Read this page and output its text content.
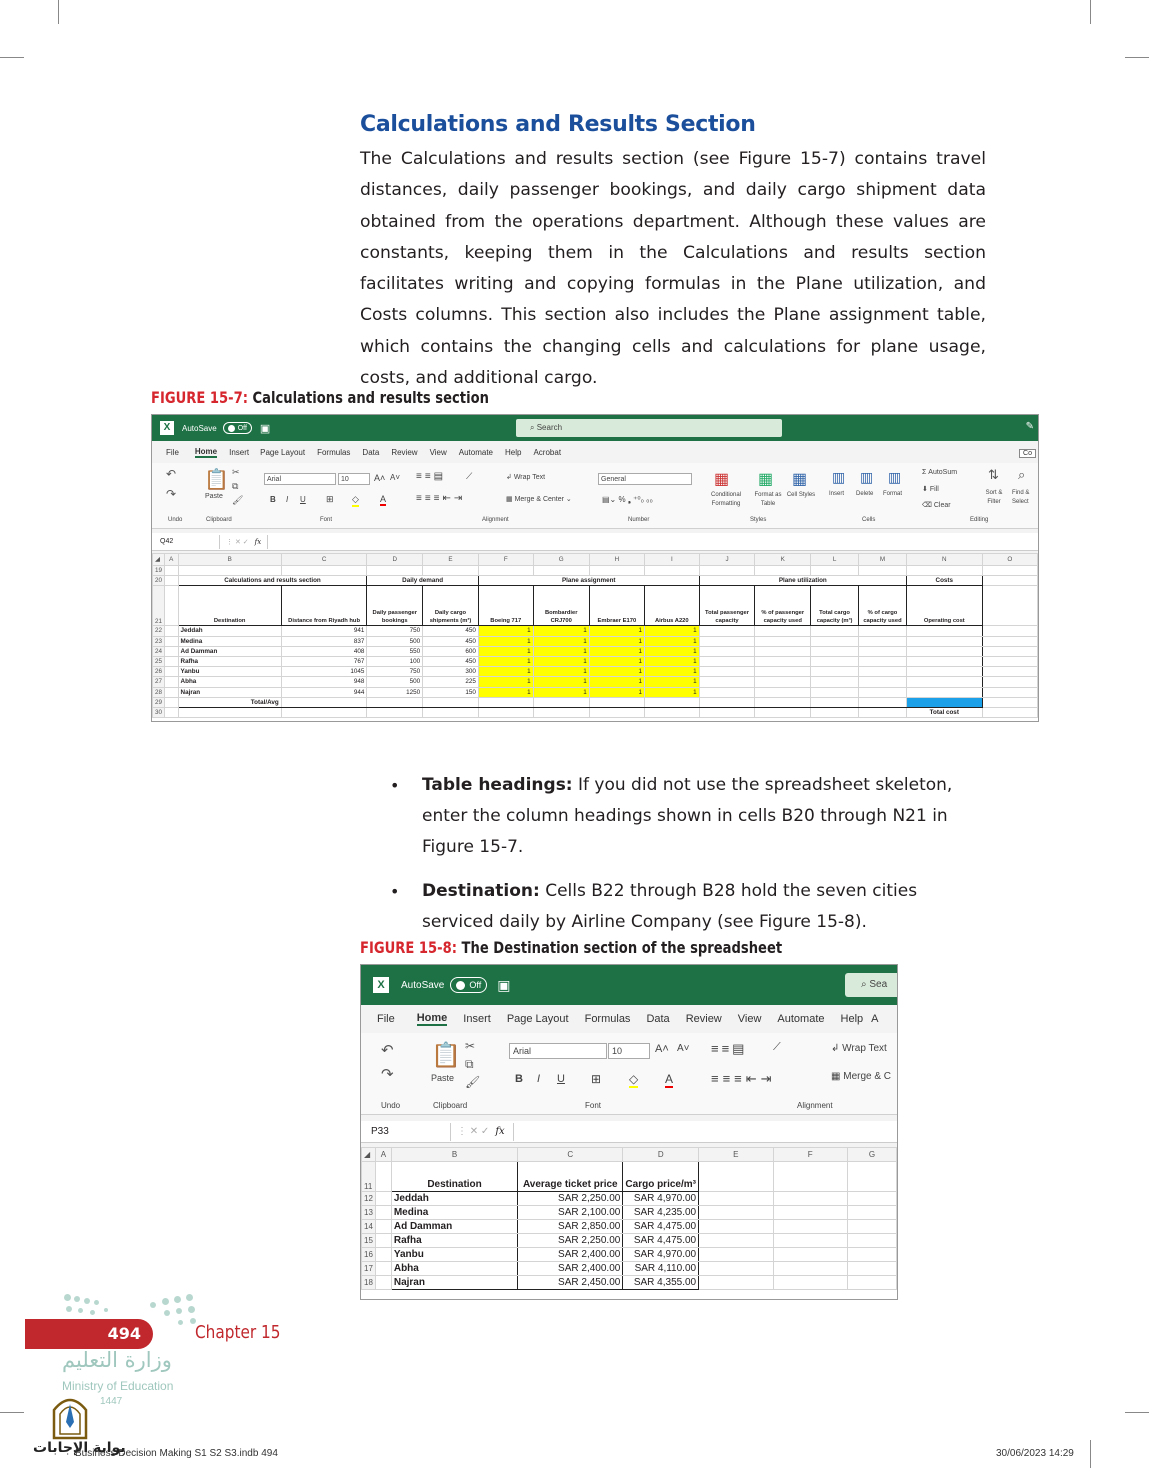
Calculations and Results Section

The Calculations and results section (see Figure 15-7) contains travel distances, daily passenger bookings, and daily cargo shipment data obtained from the operations department. Although these values are constants, keeping them in the Calculations and results section facilitates writing and copying formulas in the Plane utilization, and Costs columns. This section also includes the Plane assignment table, which contains the changing cells and calculations for plane usage, costs, and additional cargo.

FIGURE 15-7: Calculations and results section
X	AutoSave	Off ▣	⌕ Search	✎
File Home Insert Page Layout Formulas Data Review View Automate Help Acrobat	Co
↶
↷
📋
Paste
✂
⧉
🖌
Arial	10	A˄ A˅
B I U ⊞ ◇ A
≡≡▤ ⟋
≡≡≡⇤⇥
↲ Wrap Text
▦ Merge & Center ⌄
General
▤⌄ % ❟ ⁺⁰₀ ₀₀
▦
Conditional Formatting
▦
Format as Table
▦
Cell Styles
▥
Insert
▥
Delete
▥
Format
Σ AutoSum
⬇ Fill
⌫ Clear
⇅
Sort & Filter
⌕
Find & Select
Undo	Clipboard	Font	Alignment	Number	Styles	Cells	Editing
Q42	⋮ ✕ ✓ fx
◢	A	B	C	D	E	F	G	H	I	J	K	L	M	N	O
19															
20		Calculations and results section		Daily demand		Plane assignment				Plane utilization				Costs	
21		Destination	Distance from Riyadh hub	Daily passenger bookings	Daily cargo shipments (m³)	Boeing 717	Bombardier CRJ700	Embraer E170	Airbus A220	Total passenger capacity	% of passenger capacity used	Total cargo capacity (m³)	% of cargo capacity used	Operating cost	
22		Jeddah	941	750	450	1	1	1	1						
23		Medina	837	500	450	1	1	1	1						
24		Ad Damman	408	550	600	1	1	1	1						
25		Rafha	767	100	450	1	1	1	1						
26		Yanbu	1045	750	300	1	1	1	1						
27		Abha	948	500	225	1	1	1	1						
28		Najran	944	1250	150	1	1	1	1						
29		Total/Avg													
30														Total cost	
• Table headings: If you did not use the spreadsheet skeleton, enter the column headings shown in cells B20 through N21 in Figure 15-7.
• Destination: Cells B22 through B28 hold the seven cities serviced daily by Airline Company (see Figure 15-8).
FIGURE 15-8: The Destination section of the spreadsheet
X	AutoSave	Off ▣	⌕ Sea
File Home Insert Page Layout Formulas Data Review View Automate Help A
↶
↷
📋
Paste
✂
⧉
🖌
Arial	10	A˄ A˅
B I U ⊞ ◇ A
≡≡▤ ⟋
≡≡≡⇤⇥
↲ Wrap Text
▦ Merge & C
Undo	Clipboard	Font	Alignment
P33	⋮ ✕ ✓ fx
◢	A	B	C	D	E	F	G
11		Destination	Average ticket price	Cargo price/m³			
12		Jeddah	SAR 2,250.00	SAR 4,970.00			
13		Medina	SAR 2,100.00	SAR 4,235.00			
14		Ad Damman	SAR 2,850.00	SAR 4,475.00			
15		Rafha	SAR 2,250.00	SAR 4,475.00			
16		Yanbu	SAR 2,400.00	SAR 4,970.00			
17		Abha	SAR 2,400.00	SAR 4,110.00			
18		Najran	SAR 2,450.00	SAR 4,355.00			
494	Chapter 15
وزارة التعليم
Ministry of Education
1447
بوابة الإجابات
Business Decision Making S1 S2 S3.indb 494	30/06/2023 14:29
